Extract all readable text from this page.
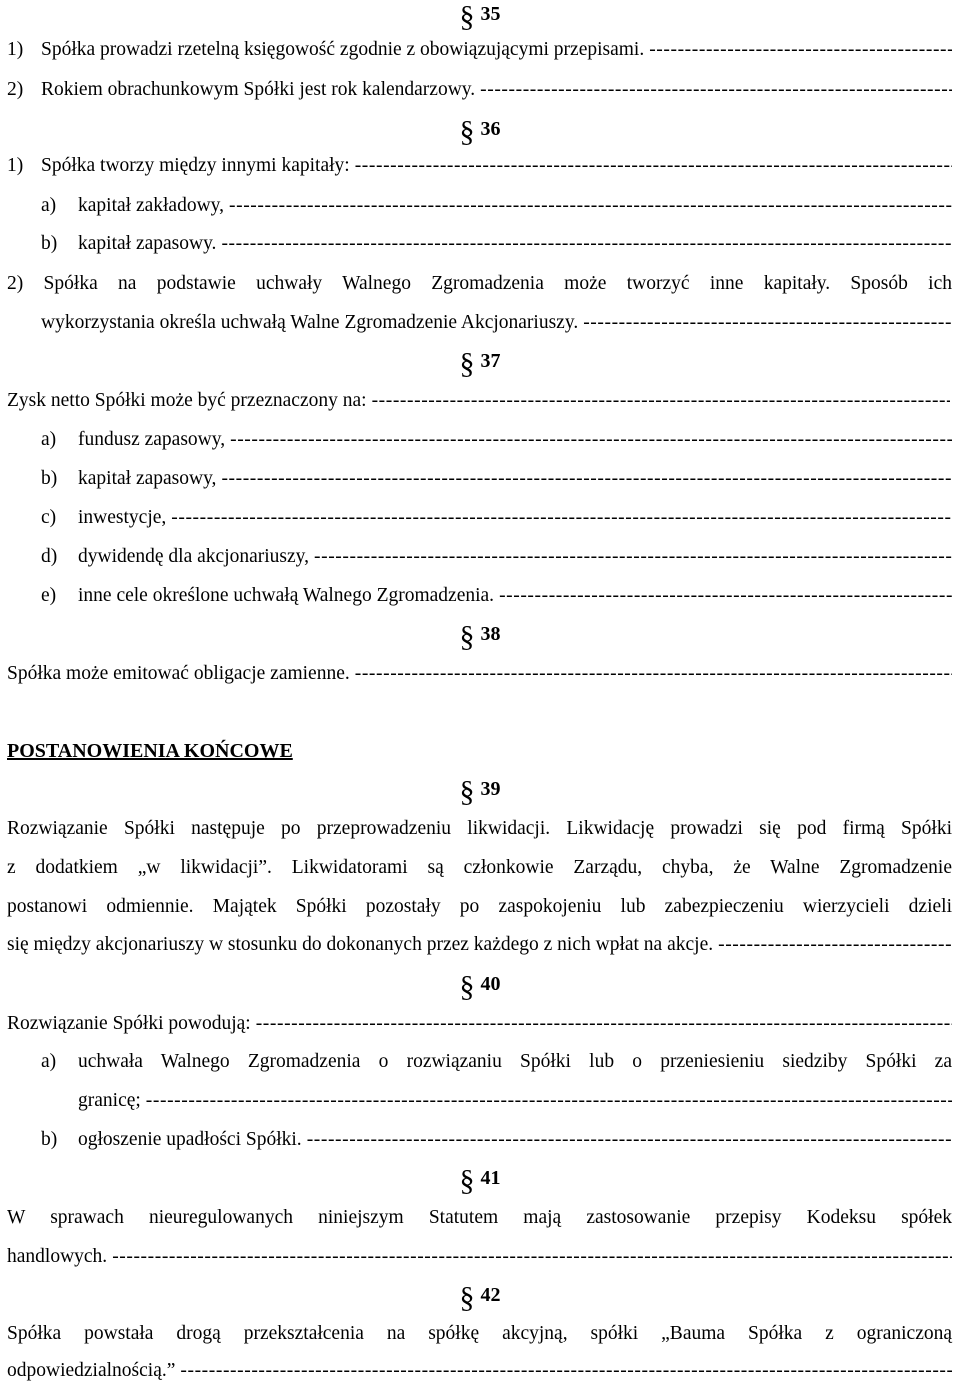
§ 35
1) Spółka prowadzi rzetelną księgowość zgodnie z obowiązującymi przepisami.
-----
2) Rokiem obrachunkowym Spółki jest rok kalendarzowy.
-----
§ 36
1) Spółka tworzy między innymi kapitały:
-----
a) kapitał zakładowy,
-----
b) kapitał zapasowy.
-----
2) Spółka na podstawie uchwały Walnego Zgromadzenia może tworzyć inne kapitały. Sposób ich
wykorzystania określa uchwałą Walne Zgromadzenie Akcjonariuszy.
-----
§ 37
Zysk netto Spółki może być przeznaczony na:
-----
a) fundusz zapasowy,
-----
b) kapitał zapasowy,
-----
c) inwestycje,
-----
d) dywidendę dla akcjonariuszy,
-----
e) inne cele określone uchwałą Walnego Zgromadzenia.
-----
§ 38
Spółka może emitować obligacje zamienne.
-----
POSTANOWIENIA KOŃCOWE
§ 39
Rozwiązanie Spółki następuje po przeprowadzeniu likwidacji. Likwidację prowadzi się pod firmą Spółki
z dodatkiem „w likwidacji”. Likwidatorami są członkowie Zarządu, chyba, że Walne Zgromadzenie
postanowi odmiennie. Majątek Spółki pozostały po zaspokojeniu lub zabezpieczeniu wierzycieli dzieli
się między akcjonariuszy w stosunku do dokonanych przez każdego z nich wpłat na akcje.
-----
§ 40
Rozwiązanie Spółki powodują:
-----
a) uchwała Walnego Zgromadzenia o rozwiązaniu Spółki lub o przeniesieniu siedziby Spółki za
granicę;
-----
b) ogłoszenie upadłości Spółki.
-----
§ 41
W sprawach nieuregulowanych niniejszym Statutem mają zastosowanie przepisy Kodeksu spółek
handlowych.
-----
§ 42
Spółka powstała drogą przekształcenia na spółkę akcyjną, spółki „Bauma Spółka z ograniczoną
odpowiedzialnością.”
-----
